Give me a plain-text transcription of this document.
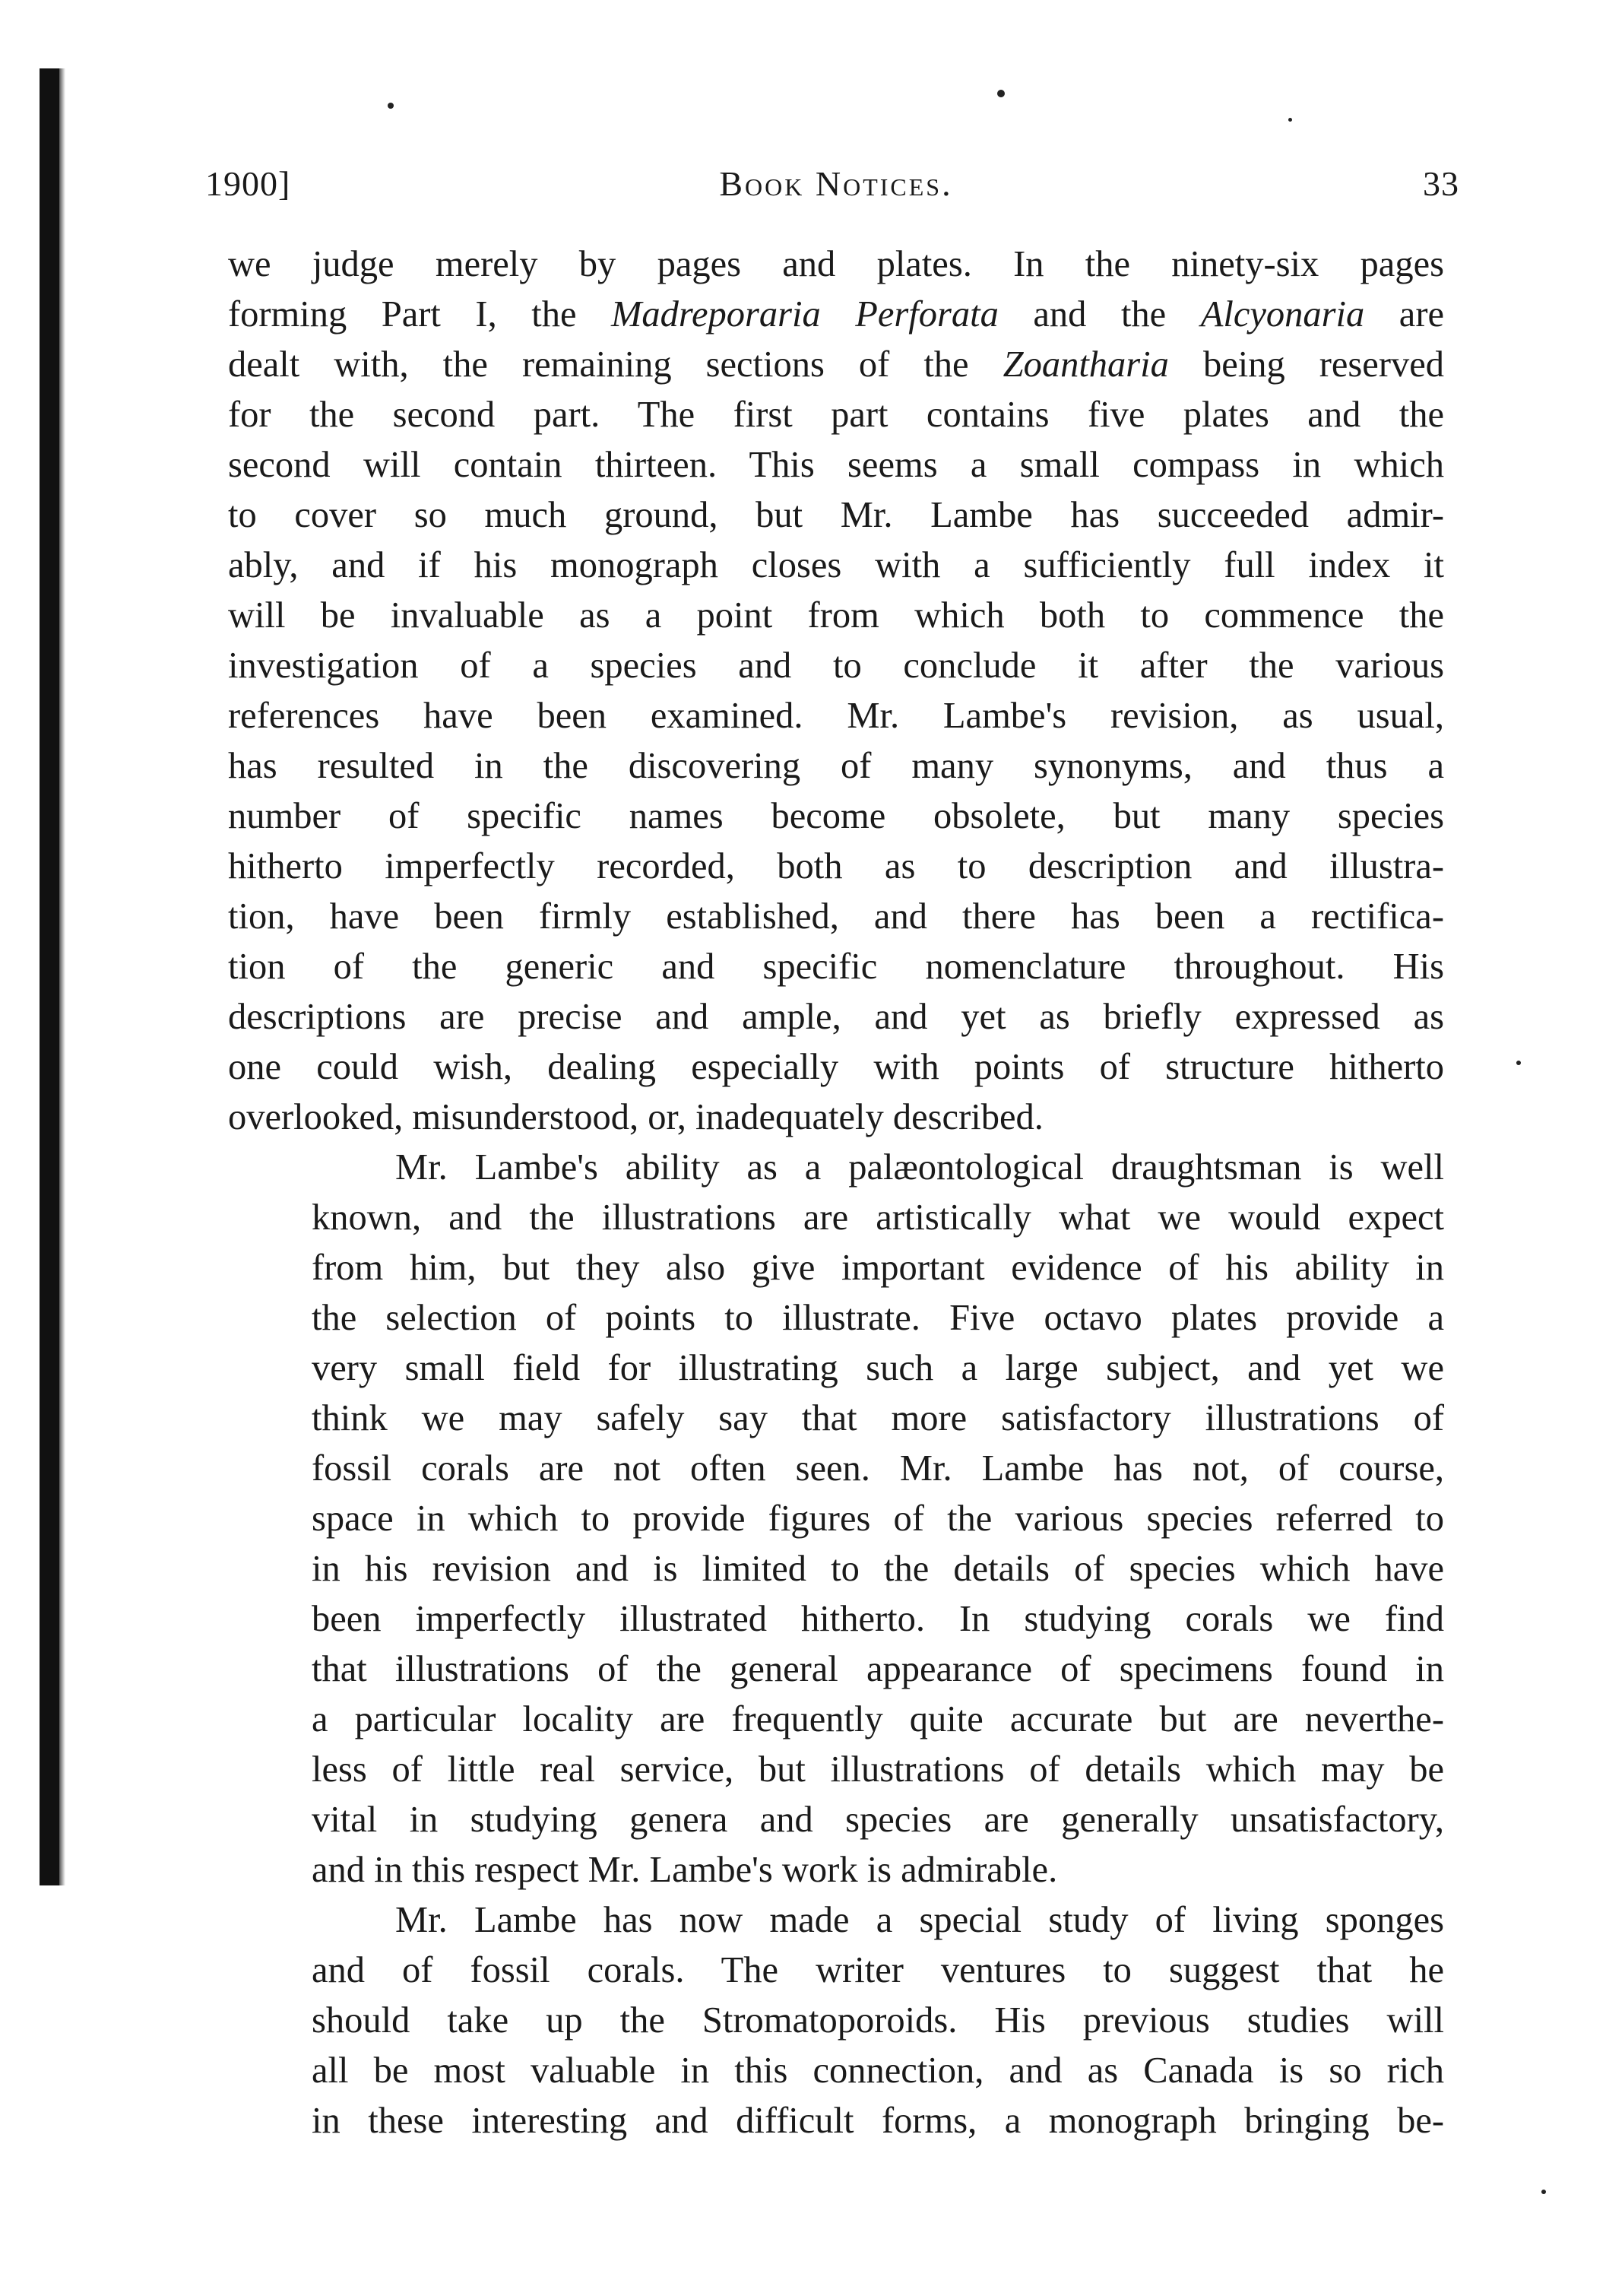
1900]	Book Notices.	33

we judge merely by pages and plates. In the ninety-six pages
forming Part I, the Madreporaria Perforata and the Alcyonaria are
dealt with, the remaining sections of the Zoantharia being reserved
for the second part. The first part contains five plates and the
second will contain thirteen. This seems a small compass in which
to cover so much ground, but Mr. Lambe has succeeded admir-
ably, and if his monograph closes with a sufficiently full index it
will be invaluable as a point from which both to commence the
investigation of a species and to conclude it after the various
references have been examined. Mr. Lambe's revision, as usual,
has resulted in the discovering of many synonyms, and thus a
number of specific names become obsolete, but many species
hitherto imperfectly recorded, both as to description and illustra-
tion, have been firmly established, and there has been a rectifica-
tion of the generic and specific nomenclature throughout. His
descriptions are precise and ample, and yet as briefly expressed as
one could wish, dealing especially with points of structure hitherto
overlooked, misunderstood, or, inadequately described.

Mr. Lambe's ability as a palæontological draughtsman is well
known, and the illustrations are artistically what we would expect
from him, but they also give important evidence of his ability in
the selection of points to illustrate. Five octavo plates provide a
very small field for illustrating such a large subject, and yet we
think we may safely say that more satisfactory illustrations of
fossil corals are not often seen. Mr. Lambe has not, of course,
space in which to provide figures of the various species referred to
in his revision and is limited to the details of species which have
been imperfectly illustrated hitherto. In studying corals we find
that illustrations of the general appearance of specimens found in
a particular locality are frequently quite accurate but are neverthe-
less of little real service, but illustrations of details which may be
vital in studying genera and species are generally unsatisfactory,
and in this respect Mr. Lambe's work is admirable.

Mr. Lambe has now made a special study of living sponges
and of fossil corals. The writer ventures to suggest that he
should take up the Stromatoporoids. His previous studies will
all be most valuable in this connection, and as Canada is so rich
in these interesting and difficult forms, a monograph bringing be-
